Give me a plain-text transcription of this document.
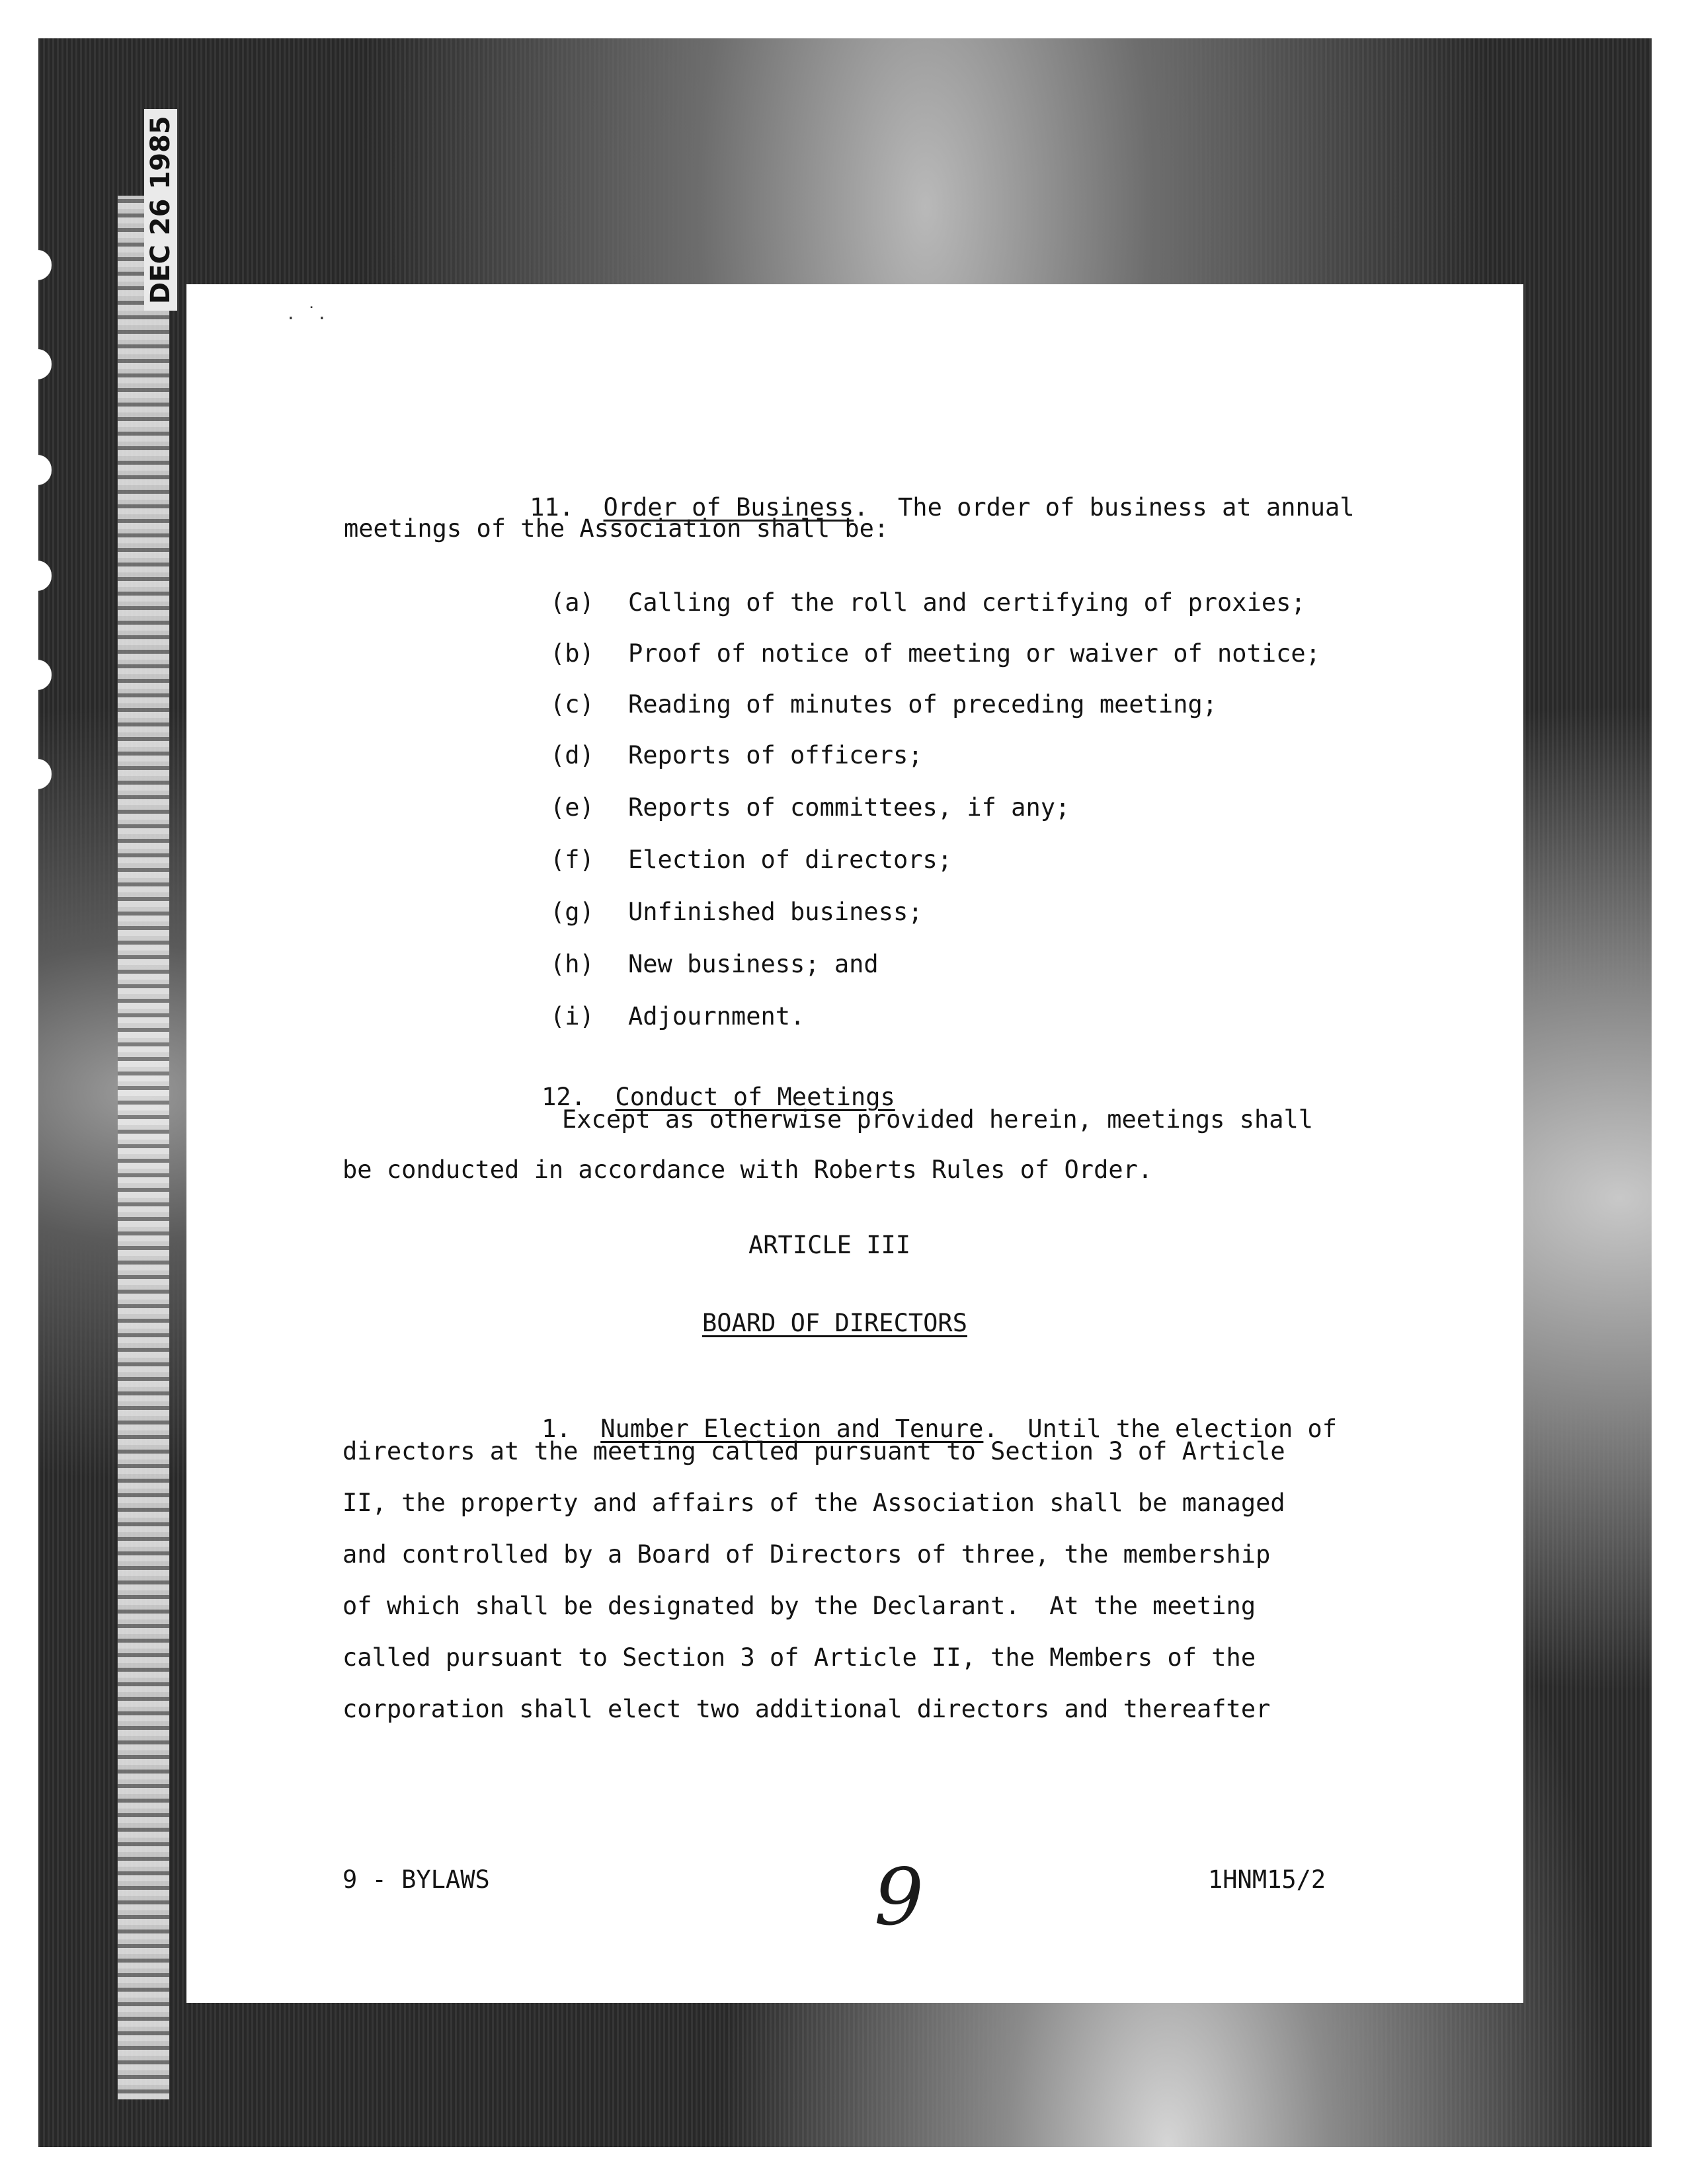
DEC 26 1985
. ˙.

11. Order of Business.  The order of business at annual

meetings of the Association shall be:
(a) Calling of the roll and certifying of proxies;
(b) Proof of notice of meeting or waiver of notice;
(c) Reading of minutes of preceding meeting;
(d) Reports of officers;
(e) Reports of committees, if any;
(f) Election of directors;
(g) Unfinished business;
(h) New business; and
(i) Adjournment.

12. Conduct of Meetings

Except as otherwise provided herein, meetings shall
be conducted in accordance with Roberts Rules of Order.
ARTICLE III
BOARD OF DIRECTORS

1. Number Election and Tenure.  Until the election of

directors at the meeting called pursuant to Section 3 of Article
II, the property and affairs of the Association shall be managed
and controlled by a Board of Directors of three, the membership
of which shall be designated by the Declarant.  At the meeting
called pursuant to Section 3 of Article II, the Members of the
corporation shall elect two additional directors and thereafter
9 - BYLAWS	9	1HNM15/2
